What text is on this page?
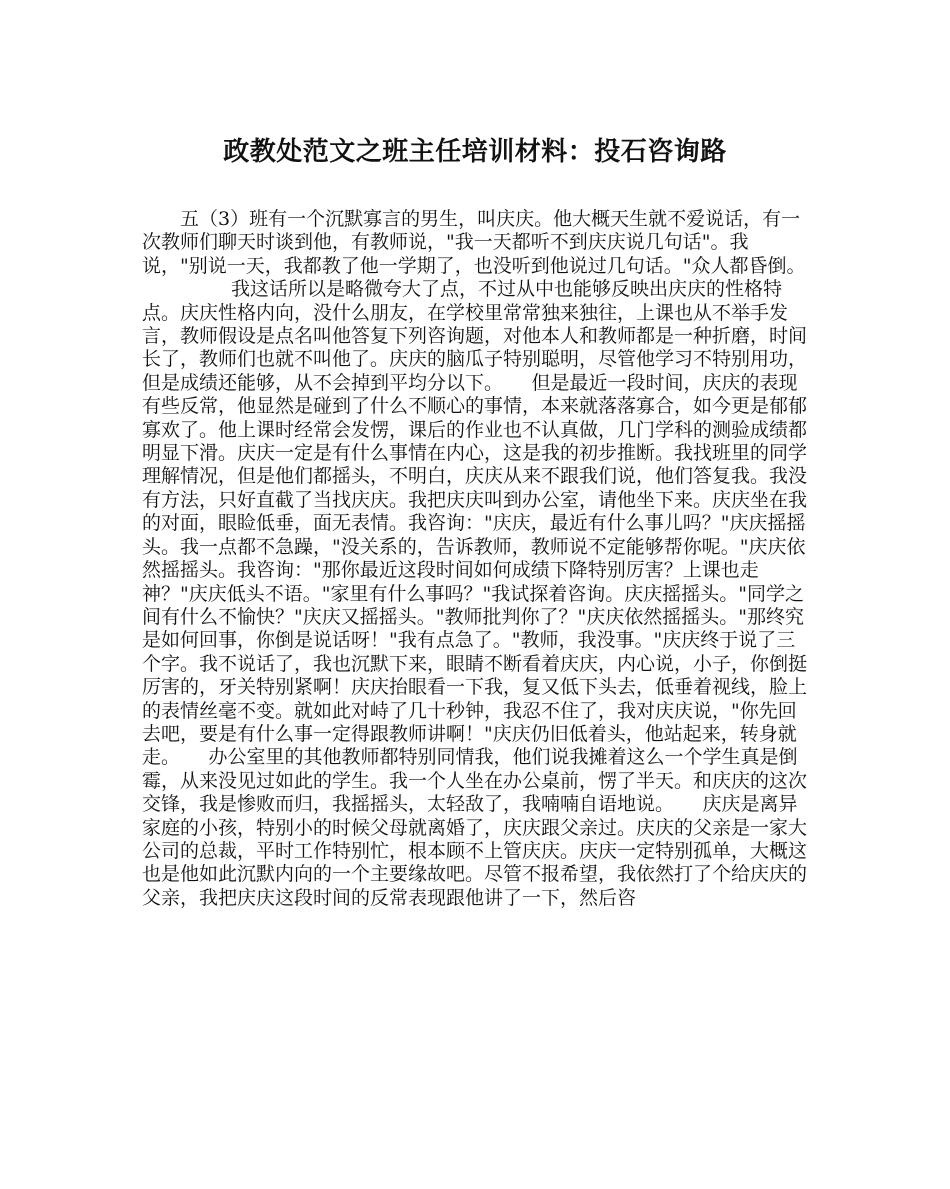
政教处范文之班主任培训材料：投石咨询路

五（3）班有一个沉默寡言的男生，叫庆庆。他大概天生就不爱说话，有一次教师们聊天时谈到他，有教师说，"我一天都听不到庆庆说几句话"。我说，"别说一天，我都教了他一学期了，也没听到他说过几句话。"众人都昏倒。

我这话所以是略微夸大了点，不过从中也能够反映出庆庆的性格特点。庆庆性格内向，没什么朋友，在学校里常常独来独往，上课也从不举手发言，教师假设是点名叫他答复下列咨询题，对他本人和教师都是一种折磨，时间长了，教师们也就不叫他了。庆庆的脑瓜子特别聪明，尽管他学习不特别用功，但是成绩还能够，从不会掉到平均分以下。　　但是最近一段时间，庆庆的表现有些反常，他显然是碰到了什么不顺心的事情，本来就落落寡合，如今更是郁郁寡欢了。他上课时经常会发愣，课后的作业也不认真做，几门学科的测验成绩都明显下滑。庆庆一定是有什么事情在内心，这是我的初步推断。我找班里的同学理解情况，但是他们都摇头，不明白，庆庆从来不跟我们说，他们答复我。我没有方法，只好直截了当找庆庆。我把庆庆叫到办公室，请他坐下来。庆庆坐在我的对面，眼睑低垂，面无表情。我咨询："庆庆，最近有什么事儿吗？"庆庆摇摇头。我一点都不急躁，"没关系的，告诉教师，教师说不定能够帮你呢。"庆庆依然摇摇头。我咨询："那你最近这段时间如何成绩下降特别厉害？上课也走神？"庆庆低头不语。"家里有什么事吗？"我试探着咨询。庆庆摇摇头。"同学之间有什么不愉快？"庆庆又摇摇头。"教师批判你了？"庆庆依然摇摇头。"那终究是如何回事，你倒是说话呀！"我有点急了。"教师，我没事。"庆庆终于说了三个字。我不说话了，我也沉默下来，眼睛不断看着庆庆，内心说，小子，你倒挺厉害的，牙关特别紧啊！庆庆抬眼看一下我，复又低下头去，低垂着视线，脸上的表情丝毫不变。就如此对峙了几十秒钟，我忍不住了，我对庆庆说，"你先回去吧，要是有什么事一定得跟教师讲啊！"庆庆仍旧低着头，他站起来，转身就走。　　办公室里的其他教师都特别同情我，他们说我摊着这么一个学生真是倒霉，从来没见过如此的学生。我一个人坐在办公桌前，愣了半天。和庆庆的这次交锋，我是惨败而归，我摇摇头，太轻敌了，我喃喃自语地说。　　庆庆是离异家庭的小孩，特别小的时候父母就离婚了，庆庆跟父亲过。庆庆的父亲是一家大公司的总裁，平时工作特别忙，根本顾不上管庆庆。庆庆一定特别孤单，大概这也是他如此沉默内向的一个主要缘故吧。尽管不报希望，我依然打了个给庆庆的父亲，我把庆庆这段时间的反常表现跟他讲了一下，然后咨
